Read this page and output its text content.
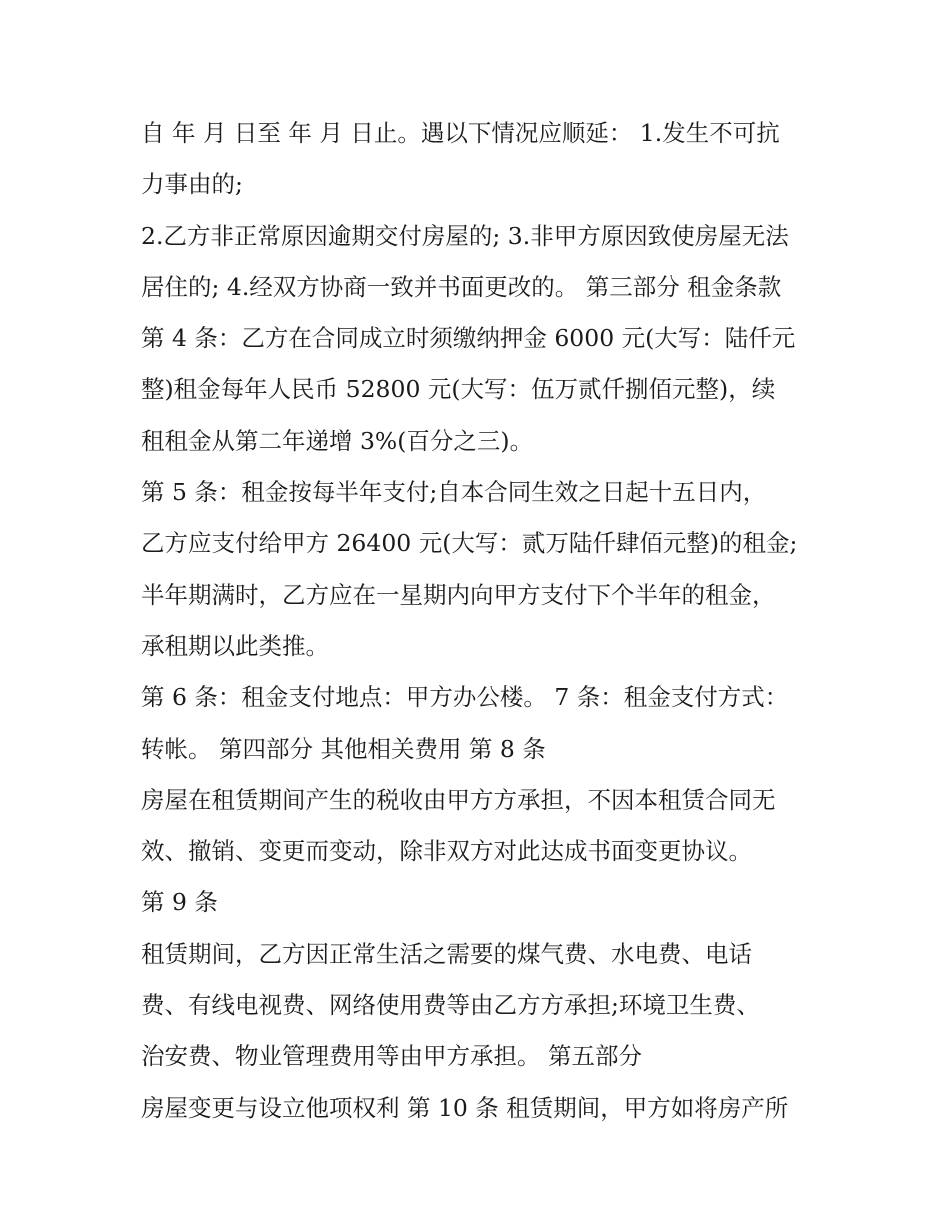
自 年 月 日至 年 月 日止。遇以下情况应顺延： 1.发生不可抗
力事由的;
2.乙方非正常原因逾期交付房屋的; 3.非甲方原因致使房屋无法
居住的; 4.经双方协商一致并书面更改的。 第三部分 租金条款
第 4 条：乙方在合同成立时须缴纳押金 6000 元(大写：陆仟元
整)租金每年人民币 52800 元(大写：伍万贰仟捌佰元整)，续
租租金从第二年递增 3%(百分之三)。
第 5 条：租金按每半年支付;自本合同生效之日起十五日内，
乙方应支付给甲方 26400 元(大写：贰万陆仟肆佰元整)的租金;
半年期满时，乙方应在一星期内向甲方支付下个半年的租金，
承租期以此类推。
第 6 条：租金支付地点：甲方办公楼。 7 条：租金支付方式：
转帐。 第四部分 其他相关费用 第 8 条
房屋在租赁期间产生的税收由甲方方承担，不因本租赁合同无
效、撤销、变更而变动，除非双方对此达成书面变更协议。
第 9 条
租赁期间，乙方因正常生活之需要的煤气费、水电费、电话
费、有线电视费、网络使用费等由乙方方承担;环境卫生费、
治安费、物业管理费用等由甲方承担。 第五部分
房屋变更与设立他项权利 第 10 条 租赁期间，甲方如将房产所
